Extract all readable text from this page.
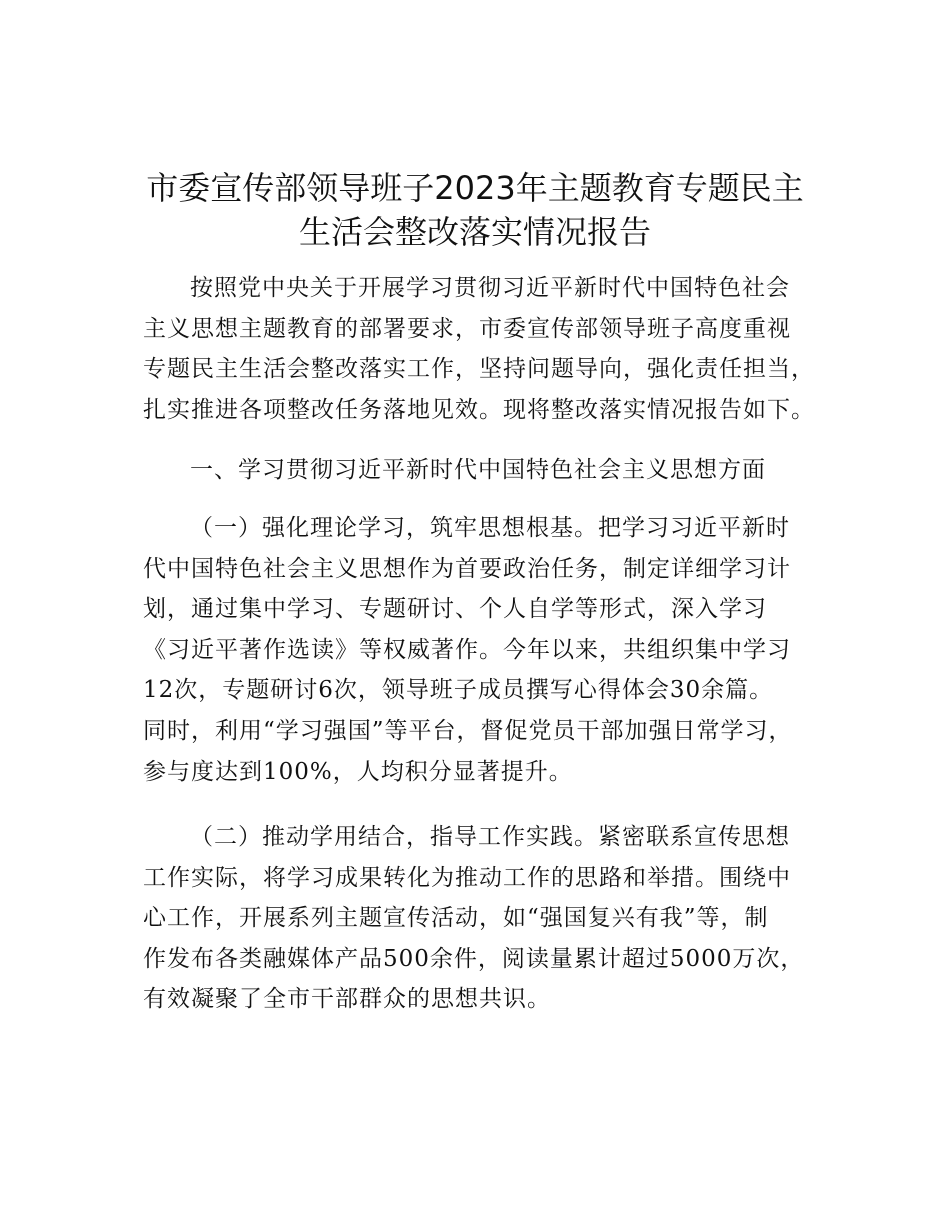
市委宣传部领导班子2023年主题教育专题民主
生活会整改落实情况报告
按照党中央关于开展学习贯彻习近平新时代中国特色社会
主义思想主题教育的部署要求，市委宣传部领导班子高度重视
专题民主生活会整改落实工作，坚持问题导向，强化责任担当，
扎实推进各项整改任务落地见效。现将整改落实情况报告如下。
一、学习贯彻习近平新时代中国特色社会主义思想方面
（一）强化理论学习，筑牢思想根基。把学习习近平新时
代中国特色社会主义思想作为首要政治任务，制定详细学习计
划，通过集中学习、专题研讨、个人自学等形式，深入学习
《习近平著作选读》等权威著作。今年以来，共组织集中学习
12次，专题研讨6次，领导班子成员撰写心得体会30余篇。
同时，利用“学习强国”等平台，督促党员干部加强日常学习，
参与度达到100%，人均积分显著提升。
（二）推动学用结合，指导工作实践。紧密联系宣传思想
工作实际，将学习成果转化为推动工作的思路和举措。围绕中
心工作，开展系列主题宣传活动，如“强国复兴有我”等，制
作发布各类融媒体产品500余件，阅读量累计超过5000万次，
有效凝聚了全市干部群众的思想共识。
